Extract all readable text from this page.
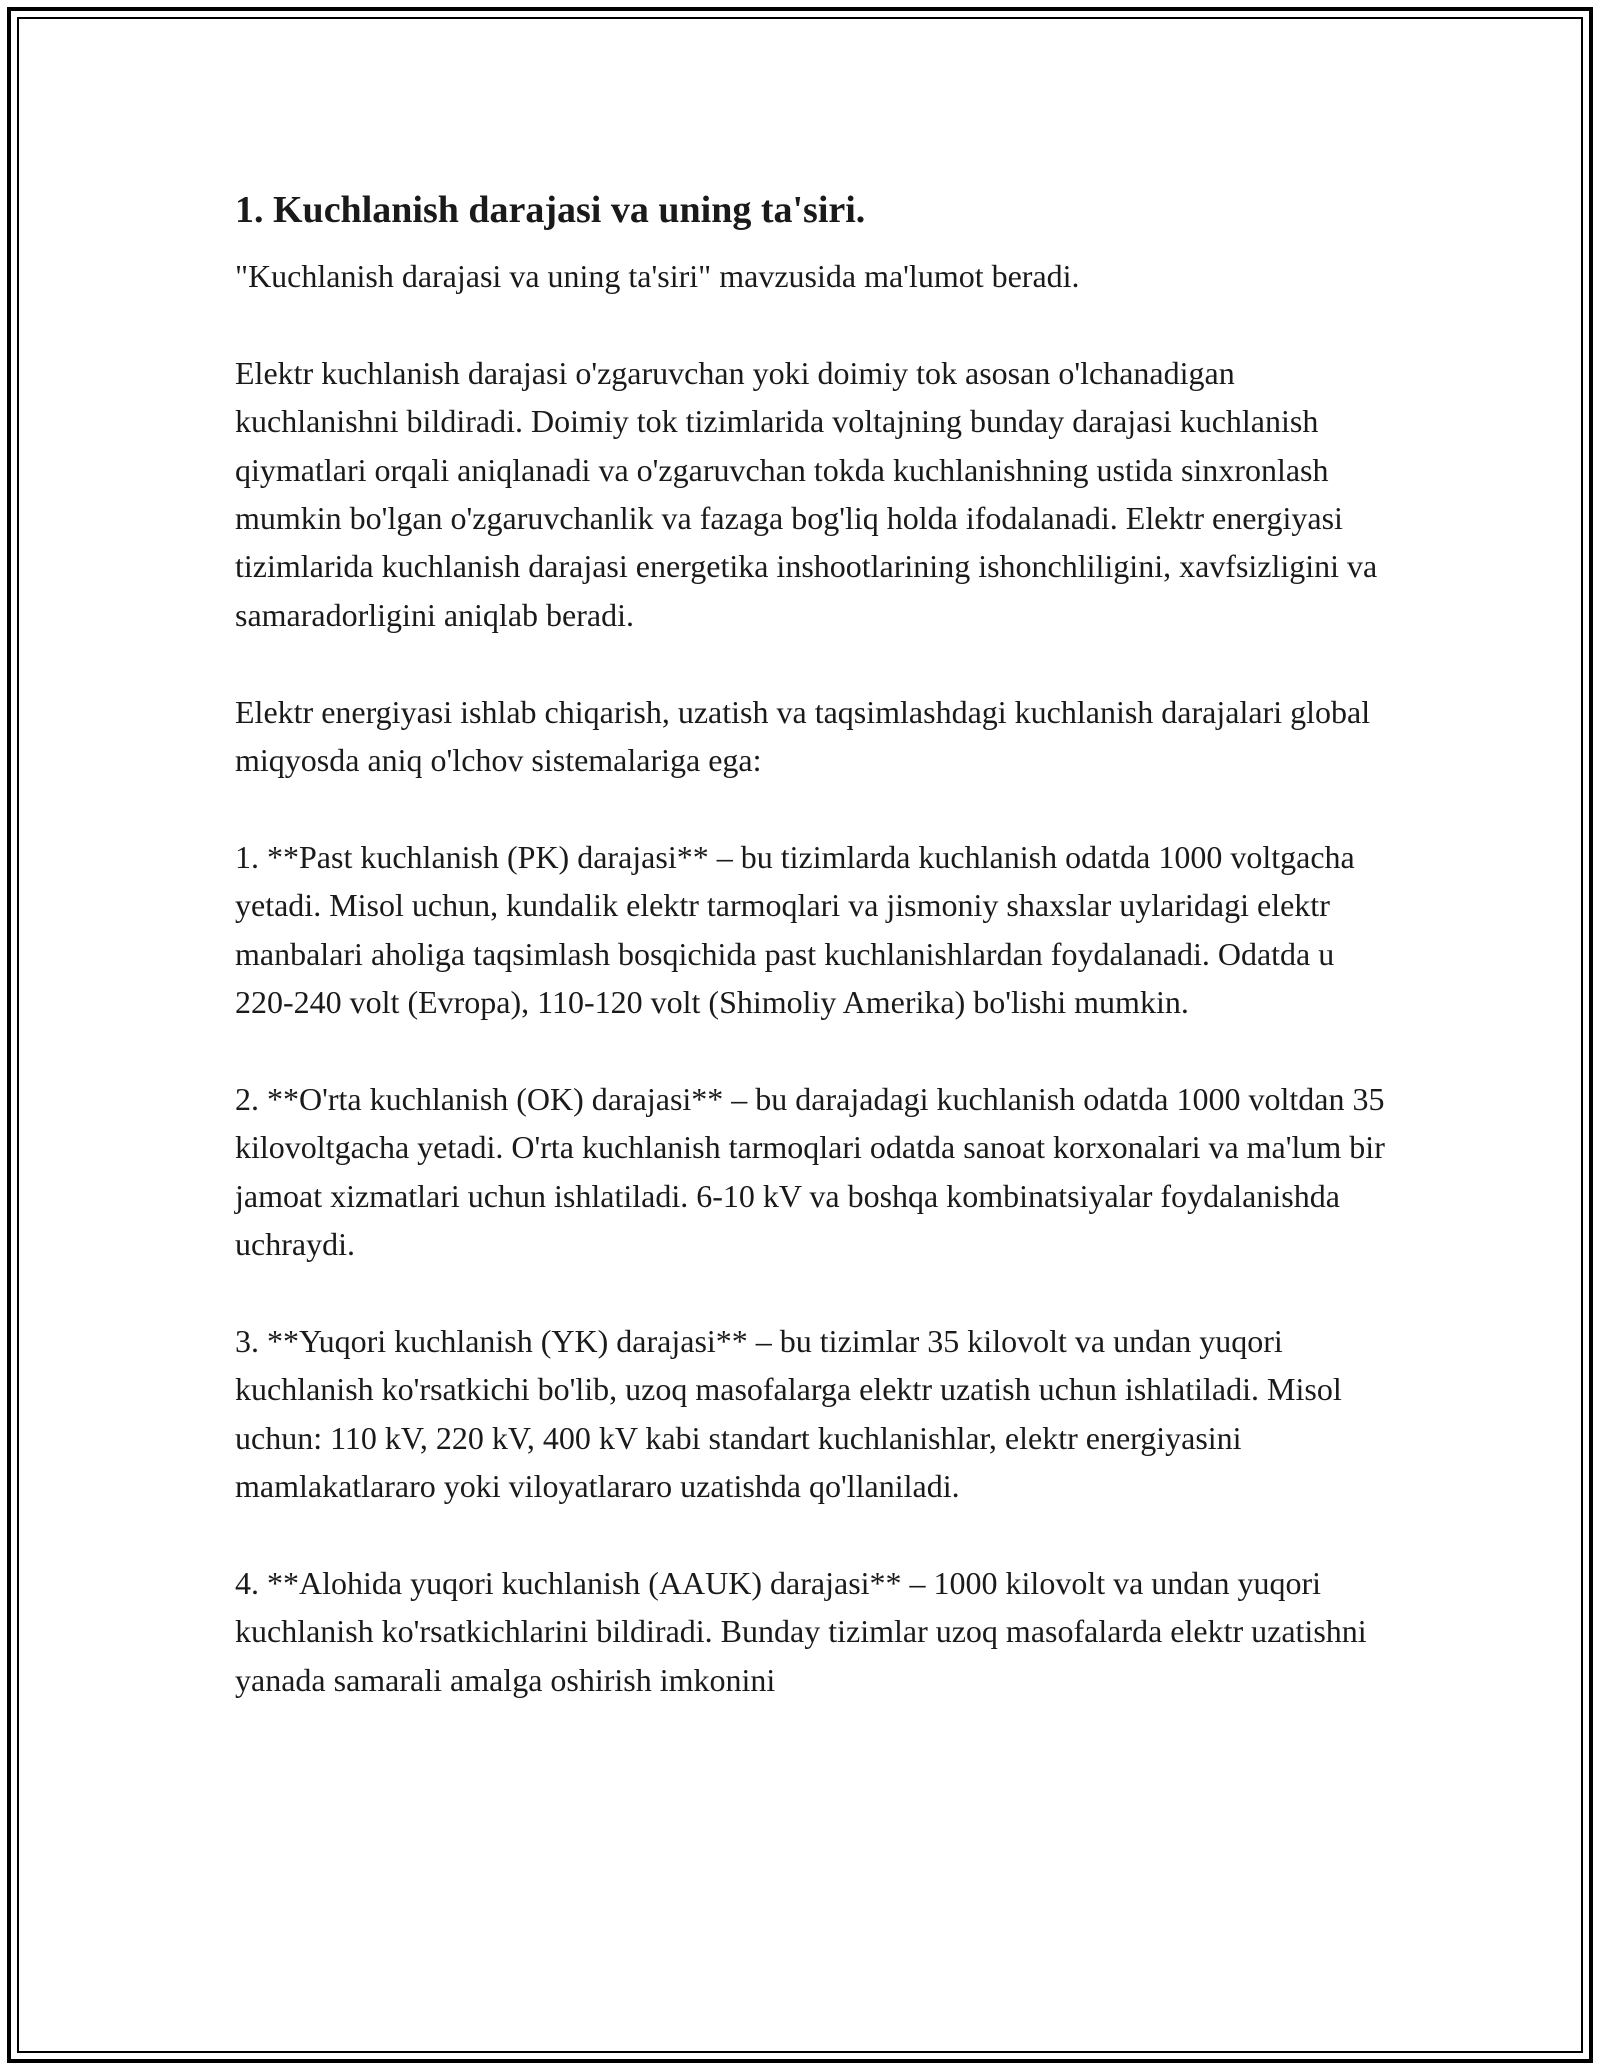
1. Kuchlanish darajasi va uning ta'siri.

"Kuchlanish darajasi va uning ta'siri" mavzusida ma'lumot beradi.

Elektr kuchlanish darajasi o'zgaruvchan yoki doimiy tok asosan o'lchanadigan kuchlanishni bildiradi. Doimiy tok tizimlarida voltajning bunday darajasi kuchlanish qiymatlari orqali aniqlanadi va o'zgaruvchan tokda kuchlanishning ustida sinxronlash mumkin bo'lgan o'zgaruvchanlik va fazaga bog'liq holda ifodalanadi. Elektr energiyasi tizimlarida kuchlanish darajasi energetika inshootlarining ishonchliligini, xavfsizligini va samaradorligini aniqlab beradi.

Elektr energiyasi ishlab chiqarish, uzatish va taqsimlashdagi kuchlanish darajalari global miqyosda aniq o'lchov sistemalariga ega:

1. **Past kuchlanish (PK) darajasi** – bu tizimlarda kuchlanish odatda 1000 voltgacha yetadi. Misol uchun, kundalik elektr tarmoqlari va jismoniy shaxslar uylaridagi elektr manbalari aholiga taqsimlash bosqichida past kuchlanishlardan foydalanadi. Odatda u 220-240 volt (Evropa), 110-120 volt (Shimoliy Amerika) bo'lishi mumkin.

2. **O'rta kuchlanish (OK) darajasi** – bu darajadagi kuchlanish odatda 1000 voltdan 35 kilovoltgacha yetadi. O'rta kuchlanish tarmoqlari odatda sanoat korxonalari va ma'lum bir jamoat xizmatlari uchun ishlatiladi. 6-10 kV va boshqa kombinatsiyalar foydalanishda uchraydi.

3. **Yuqori kuchlanish (YK) darajasi** – bu tizimlar 35 kilovolt va undan yuqori kuchlanish ko'rsatkichi bo'lib, uzoq masofalarga elektr uzatish uchun ishlatiladi. Misol uchun: 110 kV, 220 kV, 400 kV kabi standart kuchlanishlar, elektr energiyasini mamlakatlararo yoki viloyatlararo uzatishda qo'llaniladi.

4. **Alohida yuqori kuchlanish (AAUK) darajasi** – 1000 kilovolt va undan yuqori kuchlanish ko'rsatkichlarini bildiradi. Bunday tizimlar uzoq masofalarda elektr uzatishni yanada samarali amalga oshirish imkonini
